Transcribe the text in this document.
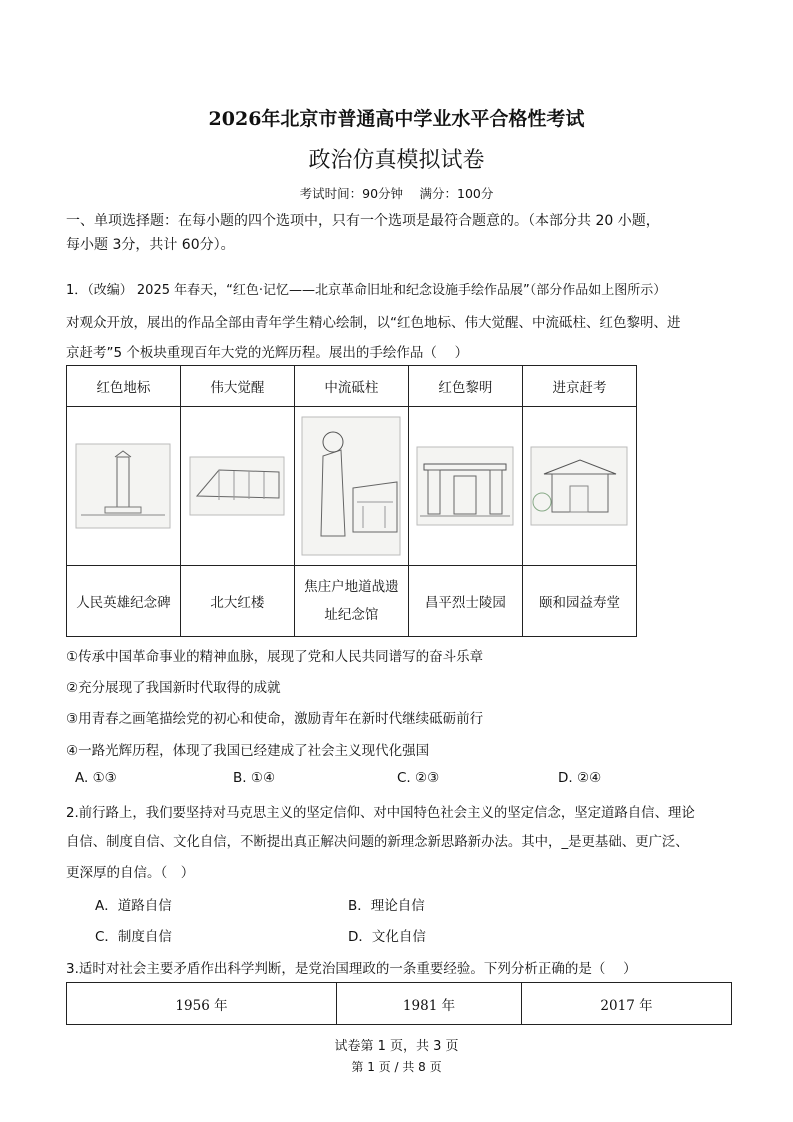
2026年北京市普通高中学业水平合格性考试
政治仿真模拟试卷
考试时间：90分钟　 满分：100分
一、单项选择题：在每小题的四个选项中，只有一个选项是最符合题意的。（本部分共 20 小题，
每小题 3分，共计 60分）。
1．（改编） 2025 年春天，“红色·记忆——北京革命旧址和纪念设施手绘作品展”（部分作品如上图所示）
对观众开放，展出的作品全部由青年学生精心绘制，以“红色地标、伟大觉醒、中流砥柱、红色黎明、进
京赶考”5 个板块重现百年大党的光辉历程。展出的手绘作品（　 ）
红色地标	伟大觉醒	中流砥柱	红色黎明	进京赶考

人民英雄纪念碑	北大红楼	焦庄户地道战遗址纪念馆	昌平烈士陵园	颐和园益寿堂
①传承中国革命事业的精神血脉，展现了党和人民共同谱写的奋斗乐章
②充分展现了我国新时代取得的成就
③用青春之画笔描绘党的初心和使命，激励青年在新时代继续砥砺前行
④一路光辉历程，体现了我国已经建成了社会主义现代化强国
A. ①③	B. ①④	C. ②③	D. ②④
2.前行路上，我们要坚持对马克思主义的坚定信仰、对中国特色社会主义的坚定信念，坚定道路自信、理论
自信、制度自信、文化自信，不断提出真正解决问题的新理念新思路新办法。其中，_是更基础、更广泛、
更深厚的自信。（　）
A．道路自信	B．理论自信
C．制度自信	D．文化自信
3.适时对社会主要矛盾作出科学判断，是党治国理政的一条重要经验。下列分析正确的是（　 ）
1956 年	1981 年	2017 年
试卷第 1 页，共 3 页
第 1 页 / 共 8 页
